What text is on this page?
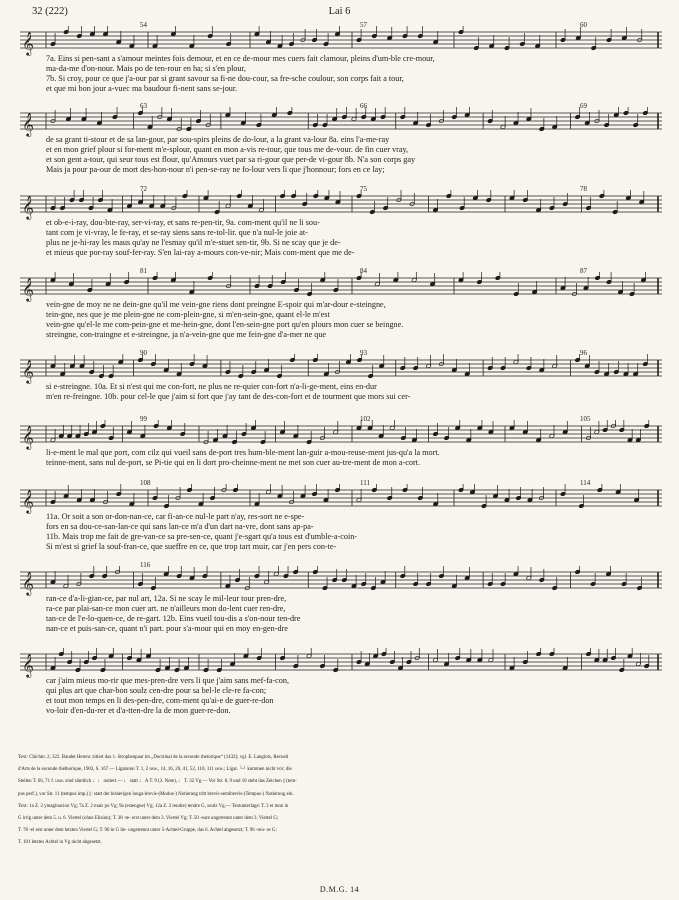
32 (222)	Lai 6
𝄞
54	57	60
7a. Eins si pen-sant a s'amour meintes fois demour, et en ce de-mour mes cuers fait clamour, pleins d'um-ble cre-mour,
ma-da-me d'on-nour. Mais po de ten-rour en ha; si s'en plour,
7b. Si croy, pour ce que j'a-our par si grant savour sa fi-ne dou-cour, sa fre-sche coulour, son corps fait a tour,
et que mi bon jour a-vuec ma baudour fi-nent sans se-jour.
𝄞
63	66	69
de sa grant ti-stour et de sa lan-gour, par sou-spirs pleins de do-lour, a la grant va-lour 8a. eins l'a-me-ray
et en mon grief plour si for-ment m'e-splour, quant en mon a-vis re-tour, que tous me de-vour. de fin cuer vray,
et son gent a-tour, qui seur tous est flour, qu'Amours vuet par sa ri-gour que per-de vi-gour 8b. N'a son corps gay
Mais ja pour pa-our de mort des-hon-nour n'i pen-se-ray ne fo-lour vers li que j'honnour; fors en ce lay;
𝄞
72	75	78
et ob-e-i-ray, dou-bte-ray, ser-vi-ray, et sans re-pen-tir, 9a. com-ment qu'il ne li sou-
tant com je vi-vray, le fe-ray, et se-ray siens sans re-tol-lir. que n'a nul-le joie at-
plus ne je-hi-ray les maus qu'ay ne l'esmay qu'il m'e-stuet sen-tir, 9b. Si ne scay que je de-
et mieus que por-ray souf-fer-ray. S'en lai-ray a-mours con-ve-nir; Mais com-ment que me de-
𝄞
81	84	87
vein-gne de moy ne ne dein-gne qu'il me vein-gne riens dont preingne E-spoir qui m'ar-dour e-steingne,
tein-gne, nes que je me plein-gne ne com-plein-gne, si m'en-sein-gne, quant el-le m'est
vein-gne qu'el-le me com-pein-gne et me-hein-gne, dont l'en-sein-gne port qu'en plours mon cuer se beingne.
streingne, con-traingne et e-streingne, ja n'a-vein-gne que me fein-gne d'a-mer ne que
𝄞
90	93	96
si e-streingne. 10a. Et si n'est qui me con-fort, ne plus ne re-quier con-fort n'a-li-ge-ment, eins en-dur
m'en re-freingne. 10b. pour cel-le que j'aim si fort que j'ay tant de des-con-fort et de tourment que mors sui cer-
𝄞
99	102	105
li-e-ment le mal que port, com cilz qui vueil sans de-port tres hum-ble-ment lan-guir a-mou-reuse-ment jus-qu'a la mort.
teinne-ment, sans nul de-port, se Pi-tie qui en li dort pro-cheinne-ment ne met son cuer au-tre-ment de mon a-cort.
𝄞
108	111	114
11a. Or soit a son or-don-nan-ce, car fi-an-ce nul-le part n'ay, res-sort ne e-spe-
fors en sa dou-ce-san-lan-ce qui sans lan-ce m'a d'un dart na-vre, dont sans ap-pa-
11b. Mais trop me fait de gre-van-ce sa pre-sen-ce, quant j'e-sgart qu'a tous est d'umble-a-coin-
Si m'est si grief la souf-fran-ce, que sueffre en ce, que trop tart muir, car j'en pers con-te-
𝄞
116
ran-ce d'a-li-gian-ce, par nul art, 12a. Si ne scay le mil-leur tour pren-dre,
ra-ce par plai-san-ce mon cuer art. ne n'ailleurs mon do-lent cuer ren-dre,
tan-ce de l'e-lo-quen-ce, de re-gart. 12b. Eins vueil tou-dis a s'on-nour ten-dre
nan-ce et puis-san-ce, quant n'i part. pour s'a-mour qui en moy en-gen-dre
𝄞
car j'aim mieus mo-rir que mes-pren-dre vers li que j'aim sans mef-fa-con,
qui plus art que char-bon soulz cen-dre pour sa bel-le cle-re fa-con;
et tout mon temps en li des-pen-dre, com-ment qu'ai-e de guer-re-don
vo-loir d'en-du-rer et d'a-tten-dre la de mon guer-re-don.

Text: Chichm. 2, 322. Baudet Herenc zitiert das 1. Strophenpaar im „Doctrinal de la seconde rhetorique“ (1432); vgl. E. Langlois, Recueil

d'Arts de la seconde rhéthorique, 1902, S. 167.— Ligaturen T. 1, 2 usw., 14, 16, 20, 41, 52, 110, 111 usw.; Ligat. └┘ kommen nicht vor; die

Stellen T. 66, 71 f. usw. sind sämtlich ♩♩ notiert.— ♩ statt ♩ A T. 9 (3. Note), ♩ T. 32 Vg.— Vor Str. 8, 9 und 10 steht das Zeichen || (tem-

pus perf.), vor Str. 11 (tempus imp.) ||: statt der bisherigen longa-brevis-(Modus-) Notierung tritt brevis-semibrevis-(Tempus-) Notierung ein.

Text: 1a Z. 2 ymaginacion Vg; 7a Z. 2 mais po Vg; 9a (estengne) Vg; 12a Z. 2 rendre) tendre G, soulz Vg.— Textunterlage: T. 3 et mon in

G irrig unter dem 5. u. 6. Viertel (ohne Elision); T. 38 -te- erst unter dem 3. Viertel Vg; T. 50 -sure ungetrennt unter dem 3. Viertel G;

T. 78 -el erst unter dem letzten Viertel G; T. 90 in G lie- ungetrennt unter 5-Achtel-Gruppe, das 6. Achtel abgesetzt; T. 96 -reu- se G;

T. 101 letztes Achtel in Vg nicht abgesetzt.

D.M.G. 14
